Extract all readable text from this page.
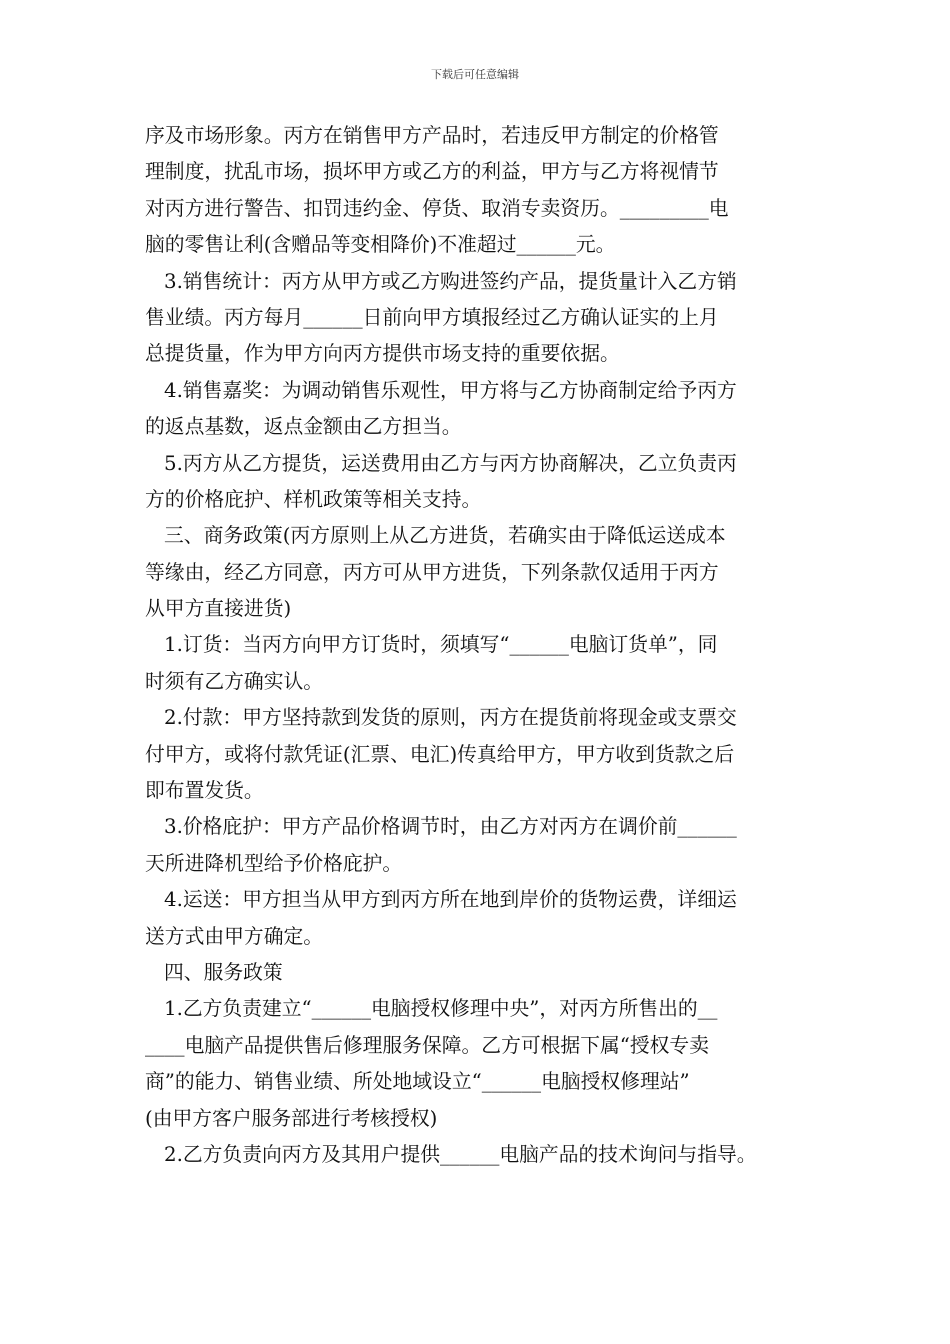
下载后可任意编辑
序及市场形象。丙方在销售甲方产品时，若违反甲方制定的价格管
理制度，扰乱市场，损坏甲方或乙方的利益，甲方与乙方将视情节
对丙方进行警告、扣罚违约金、停货、取消专卖资历。_________电
脑的零售让利(含赠品等变相降价)不准超过______元。
3.销售统计：丙方从甲方或乙方购进签约产品，提货量计入乙方销
售业绩。丙方每月______日前向甲方填报经过乙方确认证实的上月
总提货量，作为甲方向丙方提供市场支持的重要依据。
4.销售嘉奖：为调动销售乐观性，甲方将与乙方协商制定给予丙方
的返点基数，返点金额由乙方担当。
5.丙方从乙方提货，运送费用由乙方与丙方协商解决，乙立负责丙
方的价格庇护、样机政策等相关支持。
三、商务政策(丙方原则上从乙方进货，若确实由于降低运送成本
等缘由，经乙方同意，丙方可从甲方进货，下列条款仅适用于丙方
从甲方直接进货)
1.订货：当丙方向甲方订货时，须填写“______电脑订货单”，同
时须有乙方确实认。
2.付款：甲方坚持款到发货的原则，丙方在提货前将现金或支票交
付甲方，或将付款凭证(汇票、电汇)传真给甲方，甲方收到货款之后
即布置发货。
3.价格庇护：甲方产品价格调节时，由乙方对丙方在调价前______
天所进降机型给予价格庇护。
4.运送：甲方担当从甲方到丙方所在地到岸价的货物运费，详细运
送方式由甲方确定。
四、服务政策
1.乙方负责建立“______电脑授权修理中央”，对丙方所售出的__
____电脑产品提供售后修理服务保障。乙方可根据下属“授权专卖
商”的能力、销售业绩、所处地域设立“______电脑授权修理站”
(由甲方客户服务部进行考核授权)
2.乙方负责向丙方及其用户提供______电脑产品的技术询问与指导。
